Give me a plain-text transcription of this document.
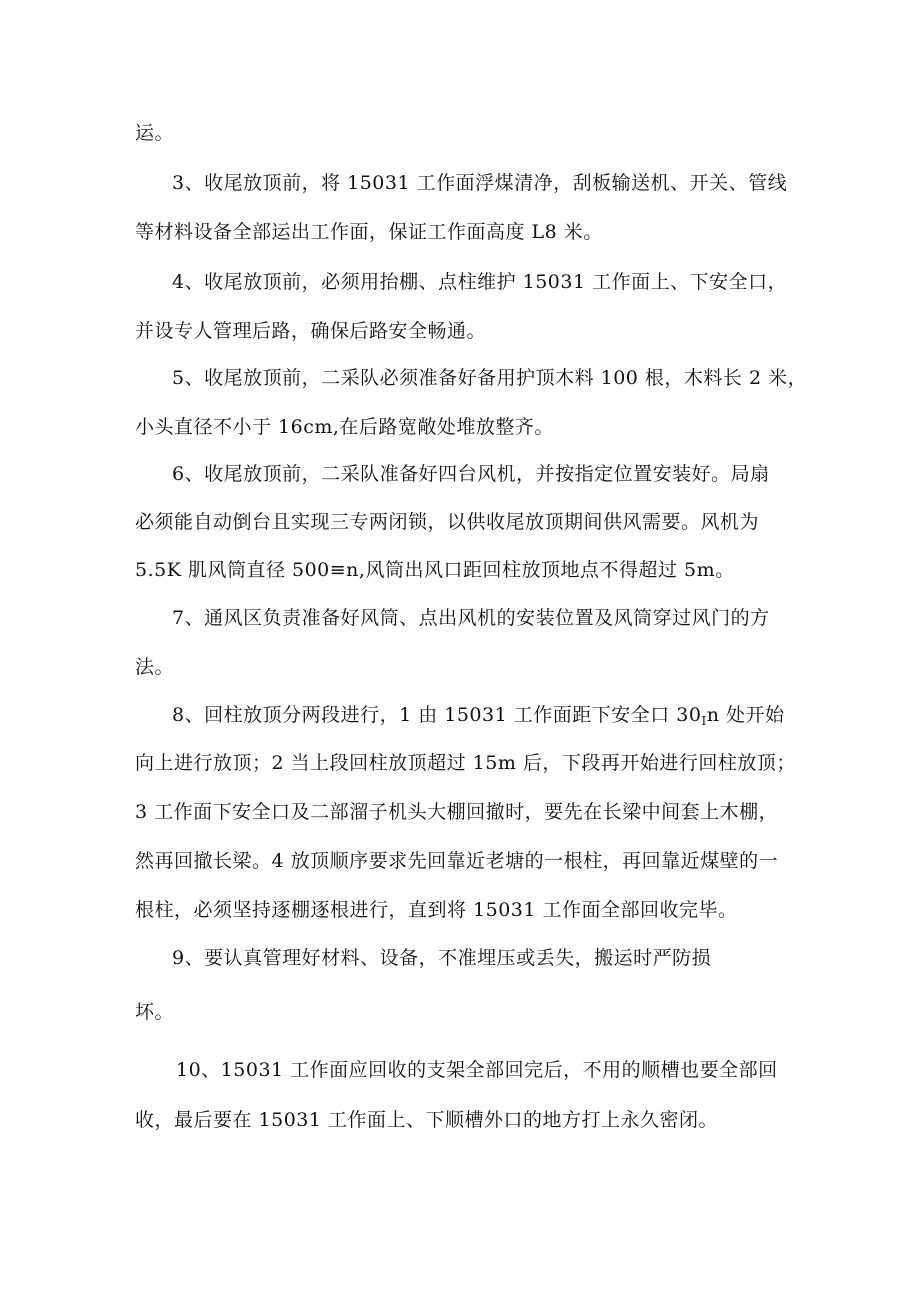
运。
3、收尾放顶前，将 15031 工作面浮煤清净，刮板输送机、开关、管线
等材料设备全部运出工作面，保证工作面高度 L8 米。
4、收尾放顶前，必须用抬棚、点柱维护 15031 工作面上、下安全口，
并设专人管理后路，确保后路安全畅通。
5、收尾放顶前，二采队必须准备好备用护顶木料 100 根，木料长 2 米，
小头直径不小于 16cm,在后路宽敞处堆放整齐。
6、收尾放顶前，二采队准备好四台风机，并按指定位置安装好。局扇
必须能自动倒台且实现三专两闭锁，以供收尾放顶期间供风需要。风机为
5.5K 肌风筒直径 500≡n,风筒出风口距回柱放顶地点不得超过 5m。
7、通风区负责准备好风筒、点出风机的安装位置及风筒穿过风门的方
法。
8、回柱放顶分两段进行，1 由 15031 工作面距下安全口 $30_In$ 处开始
向上进行放顶；2 当上段回柱放顶超过 15m 后，下段再开始进行回柱放顶；
3 工作面下安全口及二部溜子机头大棚回撤时，要先在长梁中间套上木棚，
然再回撤长梁。4 放顶顺序要求先回靠近老塘的一根柱，再回靠近煤壁的一
根柱，必须坚持逐棚逐根进行，直到将 15031 工作面全部回收完毕。
9、要认真管理好材料、设备，不准埋压或丢失，搬运时严防损
坏。
10、15031 工作面应回收的支架全部回完后，不用的顺槽也要全部回
收，最后要在 15031 工作面上、下顺槽外口的地方打上永久密闭。
